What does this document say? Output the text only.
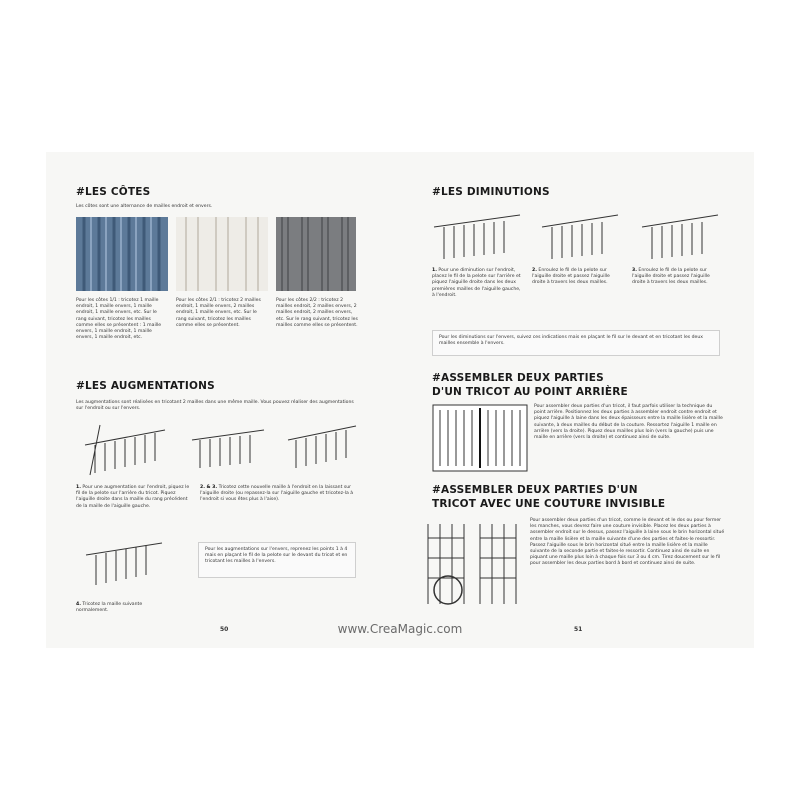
#LES CÔTES
Les côtes sont une alternance de mailles endroit et envers.
Pour les côtes 1/1 : tricotez 1 maille endroit, 1 maille envers, 1 maille endroit, 1 maille envers, etc. Sur le rang suivant, tricotez les mailles comme elles se présentent : 1 maille envers, 1 maille endroit, 1 maille envers, 1 maille endroit, etc.
Pour les côtes 2/1 : tricotez 2 mailles endroit, 1 maille envers, 2 mailles endroit, 1 maille envers, etc. Sur le rang suivant, tricotez les mailles comme elles se présentent.
Pour les côtes 2/2 : tricotez 2 mailles endroit, 2 mailles envers, 2 mailles endroit, 2 mailles envers, etc. Sur le rang suivant, tricotez les mailles comme elles se présentent.
#LES AUGMENTATIONS
Les augmentations sont réalisées en tricotant 2 mailles dans une même maille. Vous pouvez réaliser des augmentations sur l'endroit ou sur l'envers.
1. Pour une augmentation sur l'endroit, piquez le fil de la pelote sur l'arrière du tricot. Piquez l'aiguille droite dans la maille du rang précédent de la maille de l'aiguille gauche.
2. & 3. Tricotez cette nouvelle maille à l'endroit en la laissant sur l'aiguille droite (ou repassez-la sur l'aiguille gauche et tricotez-la à l'endroit si vous êtes plus à l'aise).
Pour les augmentations sur l'envers, reprenez les points 1 à 4 mais en plaçant le fil de la pelote sur le devant du tricot et en tricotant les mailles à l'envers.
4. Tricotez la maille suivante normalement.
50
#LES DIMINUTIONS
1. Pour une diminution sur l'endroit, placez le fil de la pelote sur l'arrière et piquez l'aiguille droite dans les deux premières mailles de l'aiguille gauche, à l'endroit.
2. Enroulez le fil de la pelote sur l'aiguille droite et passez l'aiguille droite à travers les deux mailles.
3. Enroulez le fil de la pelote sur l'aiguille droite et passez l'aiguille droite à travers les deux mailles.
Pour les diminutions sur l'envers, suivez ces indications mais en plaçant le fil sur le devant et en tricotant les deux mailles ensemble à l'envers.
#ASSEMBLER DEUX PARTIES
D'UN TRICOT AU POINT ARRIÈRE
Pour assembler deux parties d'un tricot, il faut parfois utiliser la technique du point arrière. Positionnez les deux parties à assembler endroit contre endroit et piquez l'aiguille à laine dans les deux épaisseurs entre la maille lisière et la maille suivante, à deux mailles du début de la couture. Ressortez l'aiguille 1 maille en arrière (vers la droite). Piquez deux mailles plus loin (vers la gauche) puis une maille en arrière (vers la droite) et continuez ainsi de suite.
#ASSEMBLER DEUX PARTIES D'UN
TRICOT AVEC UNE COUTURE INVISIBLE
Pour assembler deux parties d'un tricot, comme le devant et le dos ou pour fermer les manches, vous devrez faire une couture invisible. Placez les deux parties à assembler endroit sur le dessus, passez l'aiguille à laine sous le brin horizontal situé entre la maille lisière et la maille suivante d'une des parties et faites-le ressortir. Passez l'aiguille sous le brin horizontal situé entre la maille lisière et la maille suivante de la seconde partie et faites-le ressortir. Continuez ainsi de suite en piquant une maille plus loin à chaque fois sur 3 ou 4 cm. Tirez doucement sur le fil pour assembler les deux parties bord à bord et continuez ainsi de suite.
51
www.CreaMagic.com
